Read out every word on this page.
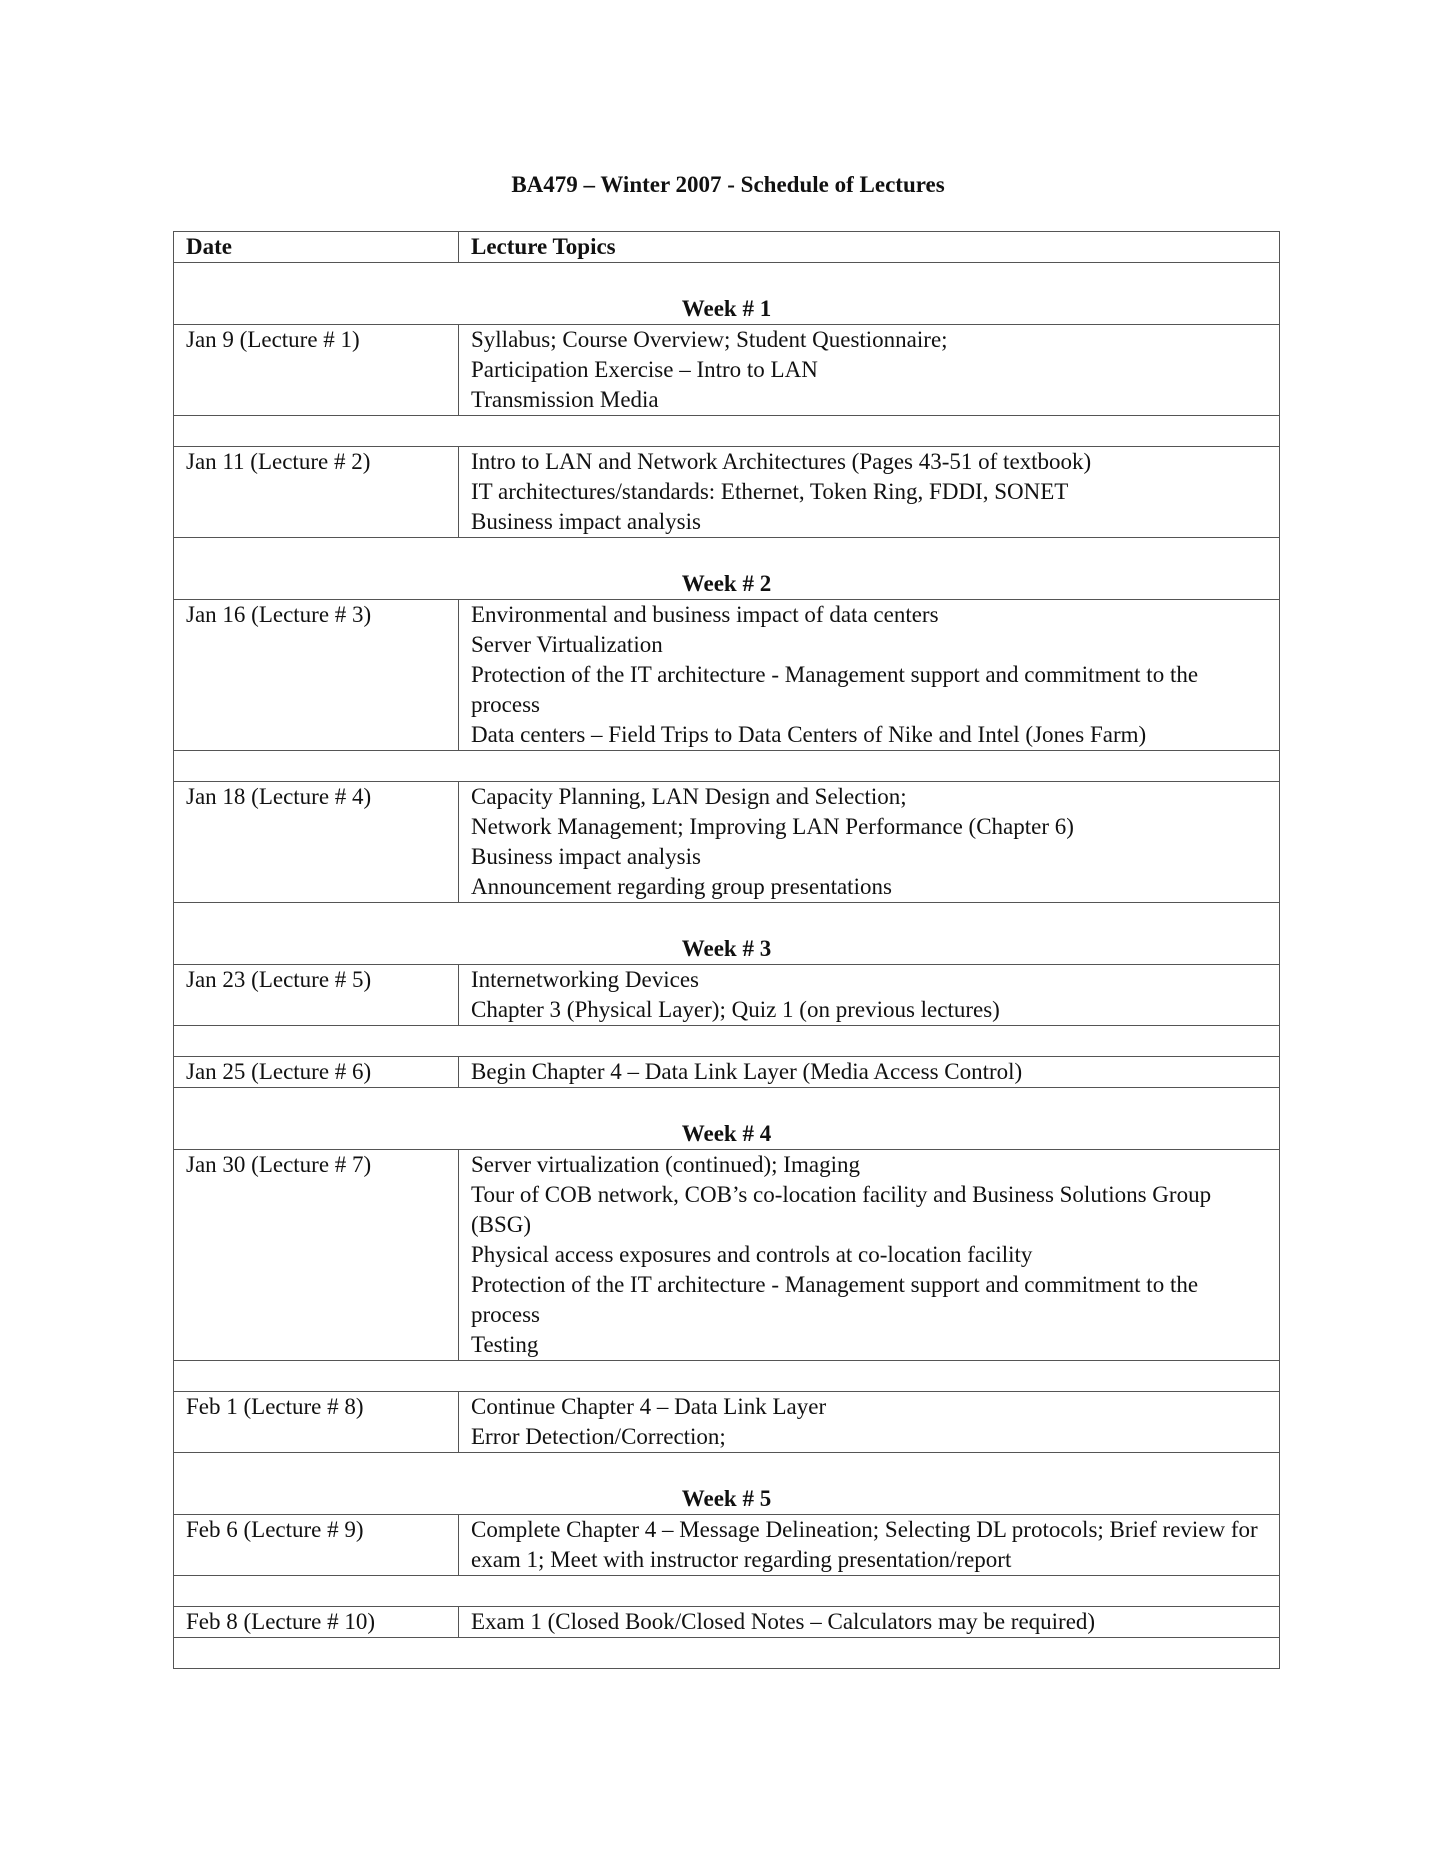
BA479 – Winter 2007 - Schedule of Lectures
Date	Lecture Topics
Week # 1	
Jan 9 (Lecture # 1)	Syllabus; Course Overview; Student Questionnaire;
Participation Exercise – Intro to LAN
Transmission Media

Jan 11 (Lecture # 2)	Intro to LAN and Network Architectures (Pages 43-51 of textbook)
IT architectures/standards: Ethernet, Token Ring, FDDI, SONET
Business impact analysis

Week # 2	
Jan 16 (Lecture # 3)	Environmental and business impact of data centers
Server Virtualization
Protection of the IT architecture - Management support and commitment to the process
Data centers – Field Trips to Data Centers of Nike and Intel (Jones Farm)

Jan 18 (Lecture # 4)	Capacity Planning, LAN Design and Selection;
Network Management; Improving LAN Performance (Chapter 6)
Business impact analysis
Announcement regarding group presentations

Week # 3	
Jan 23 (Lecture # 5)	Internetworking Devices
Chapter 3 (Physical Layer); Quiz 1 (on previous lectures)

Jan 25 (Lecture # 6)	Begin Chapter 4 – Data Link Layer (Media Access Control)

Week # 4	
Jan 30 (Lecture # 7)	Server virtualization (continued); Imaging
Tour of COB network, COB’s co-location facility and Business Solutions Group (BSG)
Physical access exposures and controls at co-location facility
Protection of the IT architecture - Management support and commitment to the process
Testing

Feb 1 (Lecture # 8)	Continue Chapter 4 – Data Link Layer
Error Detection/Correction;

Week # 5	
Feb 6 (Lecture # 9)	Complete Chapter 4 – Message Delineation; Selecting DL protocols; Brief review for exam 1; Meet with instructor regarding presentation/report

Feb 8 (Lecture # 10)	Exam 1 (Closed Book/Closed Notes – Calculators may be required)
